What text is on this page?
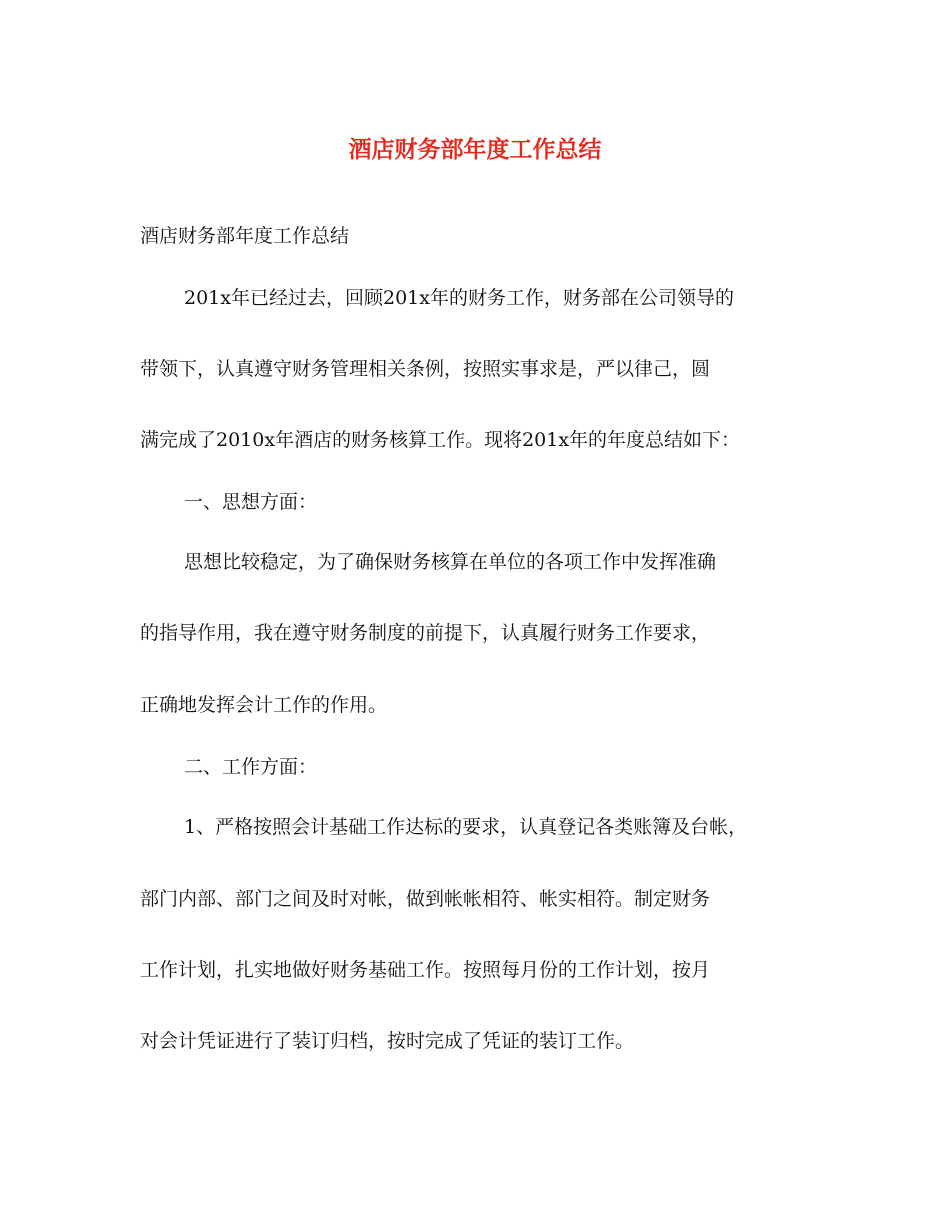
酒店财务部年度工作总结
酒店财务部年度工作总结
201x年已经过去，回顾201x年的财务工作，财务部在公司领导的
带领下，认真遵守财务管理相关条例，按照实事求是，严以律己，圆
满完成了2010x年酒店的财务核算工作。现将201x年的年度总结如下：
一、思想方面：
思想比较稳定，为了确保财务核算在单位的各项工作中发挥准确
的指导作用，我在遵守财务制度的前提下，认真履行财务工作要求，
正确地发挥会计工作的作用。
二、工作方面：
1、严格按照会计基础工作达标的要求，认真登记各类账簿及台帐，
部门内部、部门之间及时对帐，做到帐帐相符、帐实相符。制定财务
工作计划，扎实地做好财务基础工作。按照每月份的工作计划，按月
对会计凭证进行了装订归档，按时完成了凭证的装订工作。
